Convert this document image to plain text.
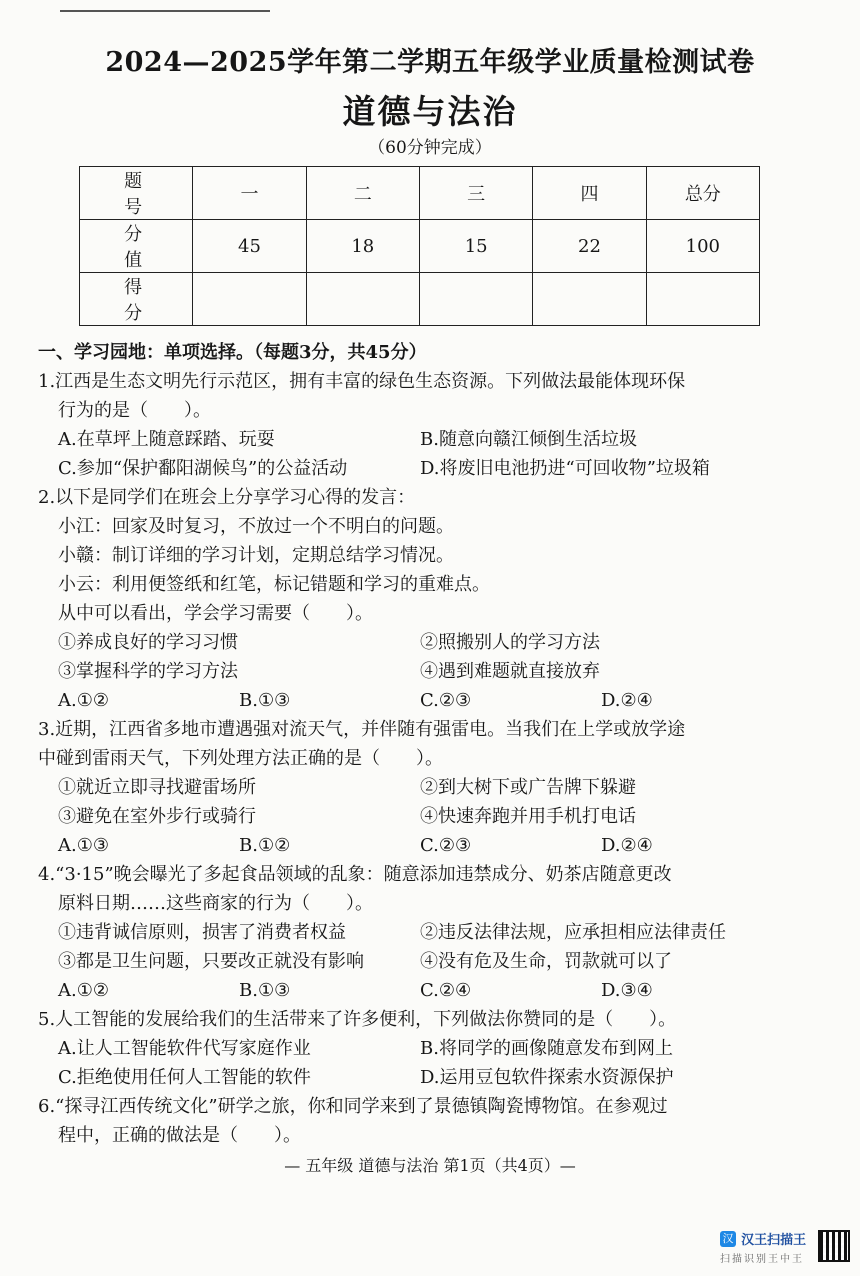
2024—2025学年第二学期五年级学业质量检测试卷
道德与法治
（60分钟完成）
题 号	一	二	三	四	总分
分 值	45	18	15	22	100
得 分					
一、学习园地：单项选择。（每题3分，共45分）
1.江西是生态文明先行示范区，拥有丰富的绿色生态资源。下列做法最能体现环保
行为的是（　　）。
A.在草坪上随意踩踏、玩耍	B.随意向赣江倾倒生活垃圾
C.参加“保护鄱阳湖候鸟”的公益活动	D.将废旧电池扔进“可回收物”垃圾箱
2.以下是同学们在班会上分享学习心得的发言：
小江：回家及时复习，不放过一个不明白的问题。
小赣：制订详细的学习计划，定期总结学习情况。
小云：利用便签纸和红笔，标记错题和学习的重难点。
从中可以看出，学会学习需要（　　）。
①养成良好的学习习惯	②照搬别人的学习方法
③掌握科学的学习方法	④遇到难题就直接放弃
A.①②	B.①③	C.②③	D.②④
3.近期，江西省多地市遭遇强对流天气，并伴随有强雷电。当我们在上学或放学途
中碰到雷雨天气，下列处理方法正确的是（　　）。
①就近立即寻找避雷场所	②到大树下或广告牌下躲避
③避免在室外步行或骑行	④快速奔跑并用手机打电话
A.①③	B.①②	C.②③	D.②④
4.“3·15”晚会曝光了多起食品领域的乱象：随意添加违禁成分、奶茶店随意更改
原料日期……这些商家的行为（　　）。
①违背诚信原则，损害了消费者权益	②违反法律法规，应承担相应法律责任
③都是卫生问题，只要改正就没有影响	④没有危及生命，罚款就可以了
A.①②	B.①③	C.②④	D.③④
5.人工智能的发展给我们的生活带来了许多便利，下列做法你赞同的是（　　）。
A.让人工智能软件代写家庭作业	B.将同学的画像随意发布到网上
C.拒绝使用任何人工智能的软件	D.运用豆包软件探索水资源保护
6.“探寻江西传统文化”研学之旅，你和同学来到了景德镇陶瓷博物馆。在参观过
程中，正确的做法是（　　）。
— 五年级 道德与法治 第1页（共4页）—
汉 汉王扫描王
扫描识别王中王
